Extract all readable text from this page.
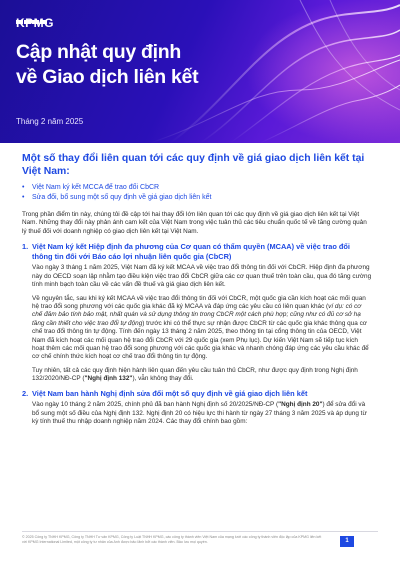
KPMG
Cập nhật quy định
về Giao dịch liên kết
Tháng 2 năm 2025
Một số thay đổi liên quan tới các quy định về giá giao dịch liên kết tại Việt Nam:
• Việt Nam ký kết MCCA để trao đổi CbCR
• Sửa đổi, bổ sung một số quy định về giá giao dịch liên kết

Trong phần điểm tin này, chúng tôi đề cập tới hai thay đổi lớn liên quan tới các quy định về giá giao dịch liên kết tại Việt Nam. Những thay đổi này phản ánh cam kết của Việt Nam trong việc tuân thủ các tiêu chuẩn quốc tế về tăng cường quản lý thuế đối với doanh nghiệp có giao dịch liên kết tại Việt Nam.

1. Việt Nam ký kết Hiệp định đa phương của Cơ quan có thẩm quyền (MCAA) về việc trao đổi thông tin đối với Báo cáo lợi nhuận liên quốc gia (CbCR)

Vào ngày 3 tháng 1 năm 2025, Việt Nam đã ký kết MCAA về việc trao đổi thông tin đối với CbCR. Hiệp định đa phương này do OECD soạn lập nhằm tạo điều kiện việc trao đổi CbCR giữa các cơ quan thuế trên toàn cầu, qua đó tăng cường tính minh bạch toàn cầu về các vấn đề thuế và giá giao dịch liên kết.

Về nguyên tắc, sau khi ký kết MCAA về việc trao đổi thông tin đối với CbCR, một quốc gia cần kích hoạt các mối quan hệ trao đổi song phương với các quốc gia khác đã ký MCAA và đáp ứng các yêu cầu có liên quan khác (ví dụ: có cơ chế đảm bảo tính bảo mật, nhất quán và sử dụng thông tin trong CbCR một cách phù hợp; cũng như có đủ cơ sở hạ tầng cần thiết cho việc trao đổi tự động) trước khi có thể thực sự nhận được CbCR từ các quốc gia khác thông qua cơ chế trao đổi thông tin tự động. Tính đến ngày 13 tháng 2 năm 2025, theo thông tin tại cổng thông tin của OECD, Việt Nam đã kích hoạt các mối quan hệ trao đổi CbCR với 29 quốc gia (xem Phụ lục). Dự kiến Việt Nam sẽ tiếp tục kích hoạt thêm các mối quan hệ trao đổi song phương với các quốc gia khác và nhanh chóng đáp ứng các yêu cầu khác để cơ chế chính thức kích hoạt cơ chế trao đổi thông tin tự động.

Tuy nhiên, tất cả các quy định hiện hành liên quan đến yêu cầu tuân thủ CbCR, như được quy định trong Nghị định 132/2020/NĐ-CP ("Nghị định 132"), vẫn không thay đổi.

2. Việt Nam ban hành Nghị định sửa đổi một số quy định về giá giao dịch liên kết

Vào ngày 10 tháng 2 năm 2025, chính phủ đã ban hành Nghị định số 20/2025/NĐ-CP ("Nghị định 20") để sửa đổi và bổ sung một số điều của Nghị định 132. Nghị định 20 có hiệu lực thi hành từ ngày 27 tháng 3 năm 2025 và áp dụng từ kỳ tính thuế thu nhập doanh nghiệp năm 2024. Các thay đổi chính bao gồm:

© 2025 Công ty TNHH KPMG, Công ty TNHH Tư vấn KPMG, Công ty Luật TNHH KPMG, các công ty thành viên Việt Nam của mạng lưới các công ty thành viên độc lập của KPMG liên kết với KPMG International Limited, một công ty tư nhân của Anh được bảo lãnh bởi các thành viên. Bảo lưu mọi quyền.	1
